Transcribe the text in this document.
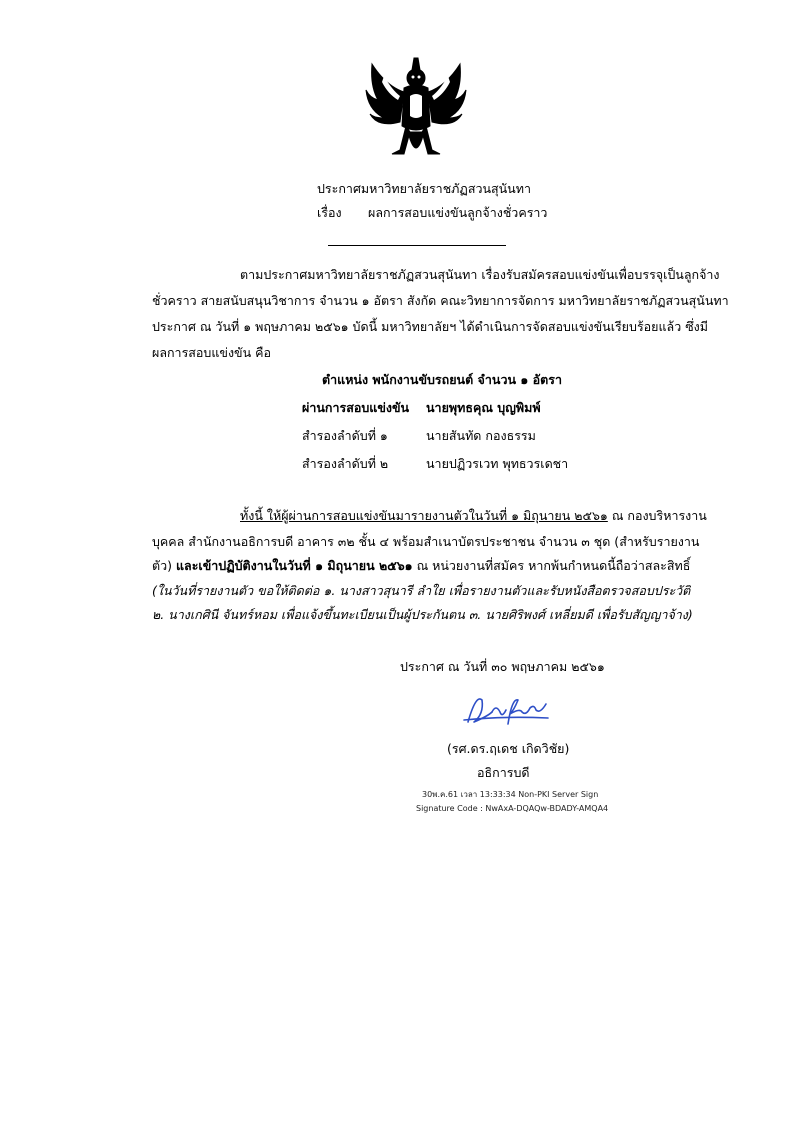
ประกาศมหาวิทยาลัยราชภัฏสวนสุนันทา
เรื่อง ผลการสอบแข่งขันลูกจ้างชั่วคราว
ตามประกาศมหาวิทยาลัยราชภัฏสวนสุนันทา เรื่องรับสมัครสอบแข่งขันเพื่อบรรจุเป็นลูกจ้าง
ชั่วคราว สายสนับสนุนวิชาการ จำนวน ๑ อัตรา สังกัด คณะวิทยาการจัดการ มหาวิทยาลัยราชภัฏสวนสุนันทา
ประกาศ ณ วันที่ ๑ พฤษภาคม ๒๕๖๑ บัดนี้ มหาวิทยาลัยฯ ได้ดำเนินการจัดสอบแข่งขันเรียบร้อยแล้ว ซึ่งมี
ผลการสอบแข่งขัน คือ
ตำแหน่ง พนักงานขับรถยนต์ จำนวน ๑ อัตรา
ผ่านการสอบแข่งขัน นายพุทธคุณ บุญพิมพ์
สำรองลำดับที่ ๑	นายสันทัด กองธรรม
สำรองลำดับที่ ๒	นายปฏิวรเวท พุทธวรเดชา
ทั้งนี้ ให้ผู้ผ่านการสอบแข่งขันมารายงานตัวในวันที่ ๑ มิถุนายน ๒๕๖๑ ณ กองบริหารงาน
บุคคล สำนักงานอธิการบดี อาคาร ๓๒ ชั้น ๔ พร้อมสำเนาบัตรประชาชน จำนวน ๓ ชุด (สำหรับรายงาน
ตัว) และเข้าปฏิบัติงานในวันที่ ๑ มิถุนายน ๒๕๖๑ ณ หน่วยงานที่สมัคร หากพ้นกำหนดนี้ถือว่าสละสิทธิ์
(ในวันที่รายงานตัว ขอให้ติดต่อ ๑. นางสาวสุนารี ลำใย เพื่อรายงานตัวและรับหนังสือตรวจสอบประวัติ
๒. นางเกศินี จันทร์หอม เพื่อแจ้งขึ้นทะเบียนเป็นผู้ประกันตน ๓. นายศิริพงศ์ เหลี่ยมดี เพื่อรับสัญญาจ้าง)
ประกาศ ณ วันที่ ๓๐ พฤษภาคม ๒๕๖๑
(รศ.ดร.ฤเดช เกิดวิชัย)
อธิการบดี
30พ.ค.61 เวลา 13:33:34 Non-PKI Server Sign
Signature Code : NwAxA-DQAQw-BDADY-AMQA4
